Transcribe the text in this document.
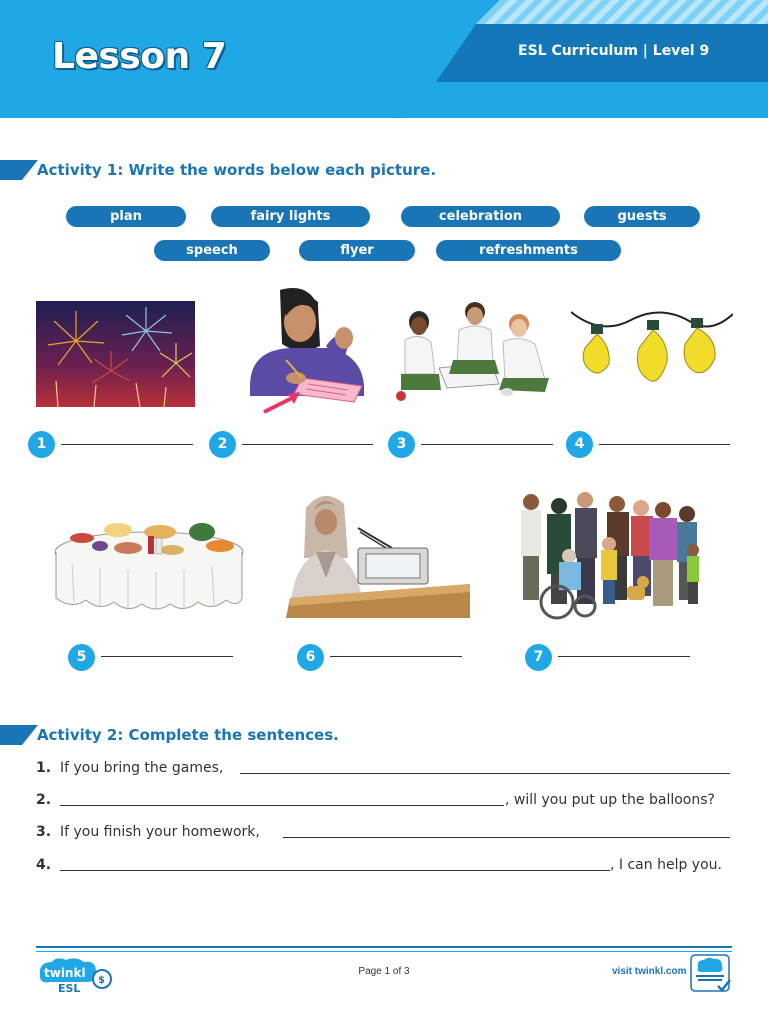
Lesson 7	ESL Curriculum | Level 9
Activity 1: Write the words below each picture.
plan	fairy lights	celebration	guests
speech	flyer	refreshments
1	2	3	4
5	6	7
Activity 2: Complete the sentences.
1. If you bring the games,
2.	, will you put up the balloons?
3. If you finish your homework,
4.	, I can help you.
twinkl
ESL
$
Page 1 of 3	visit twinkl.com
